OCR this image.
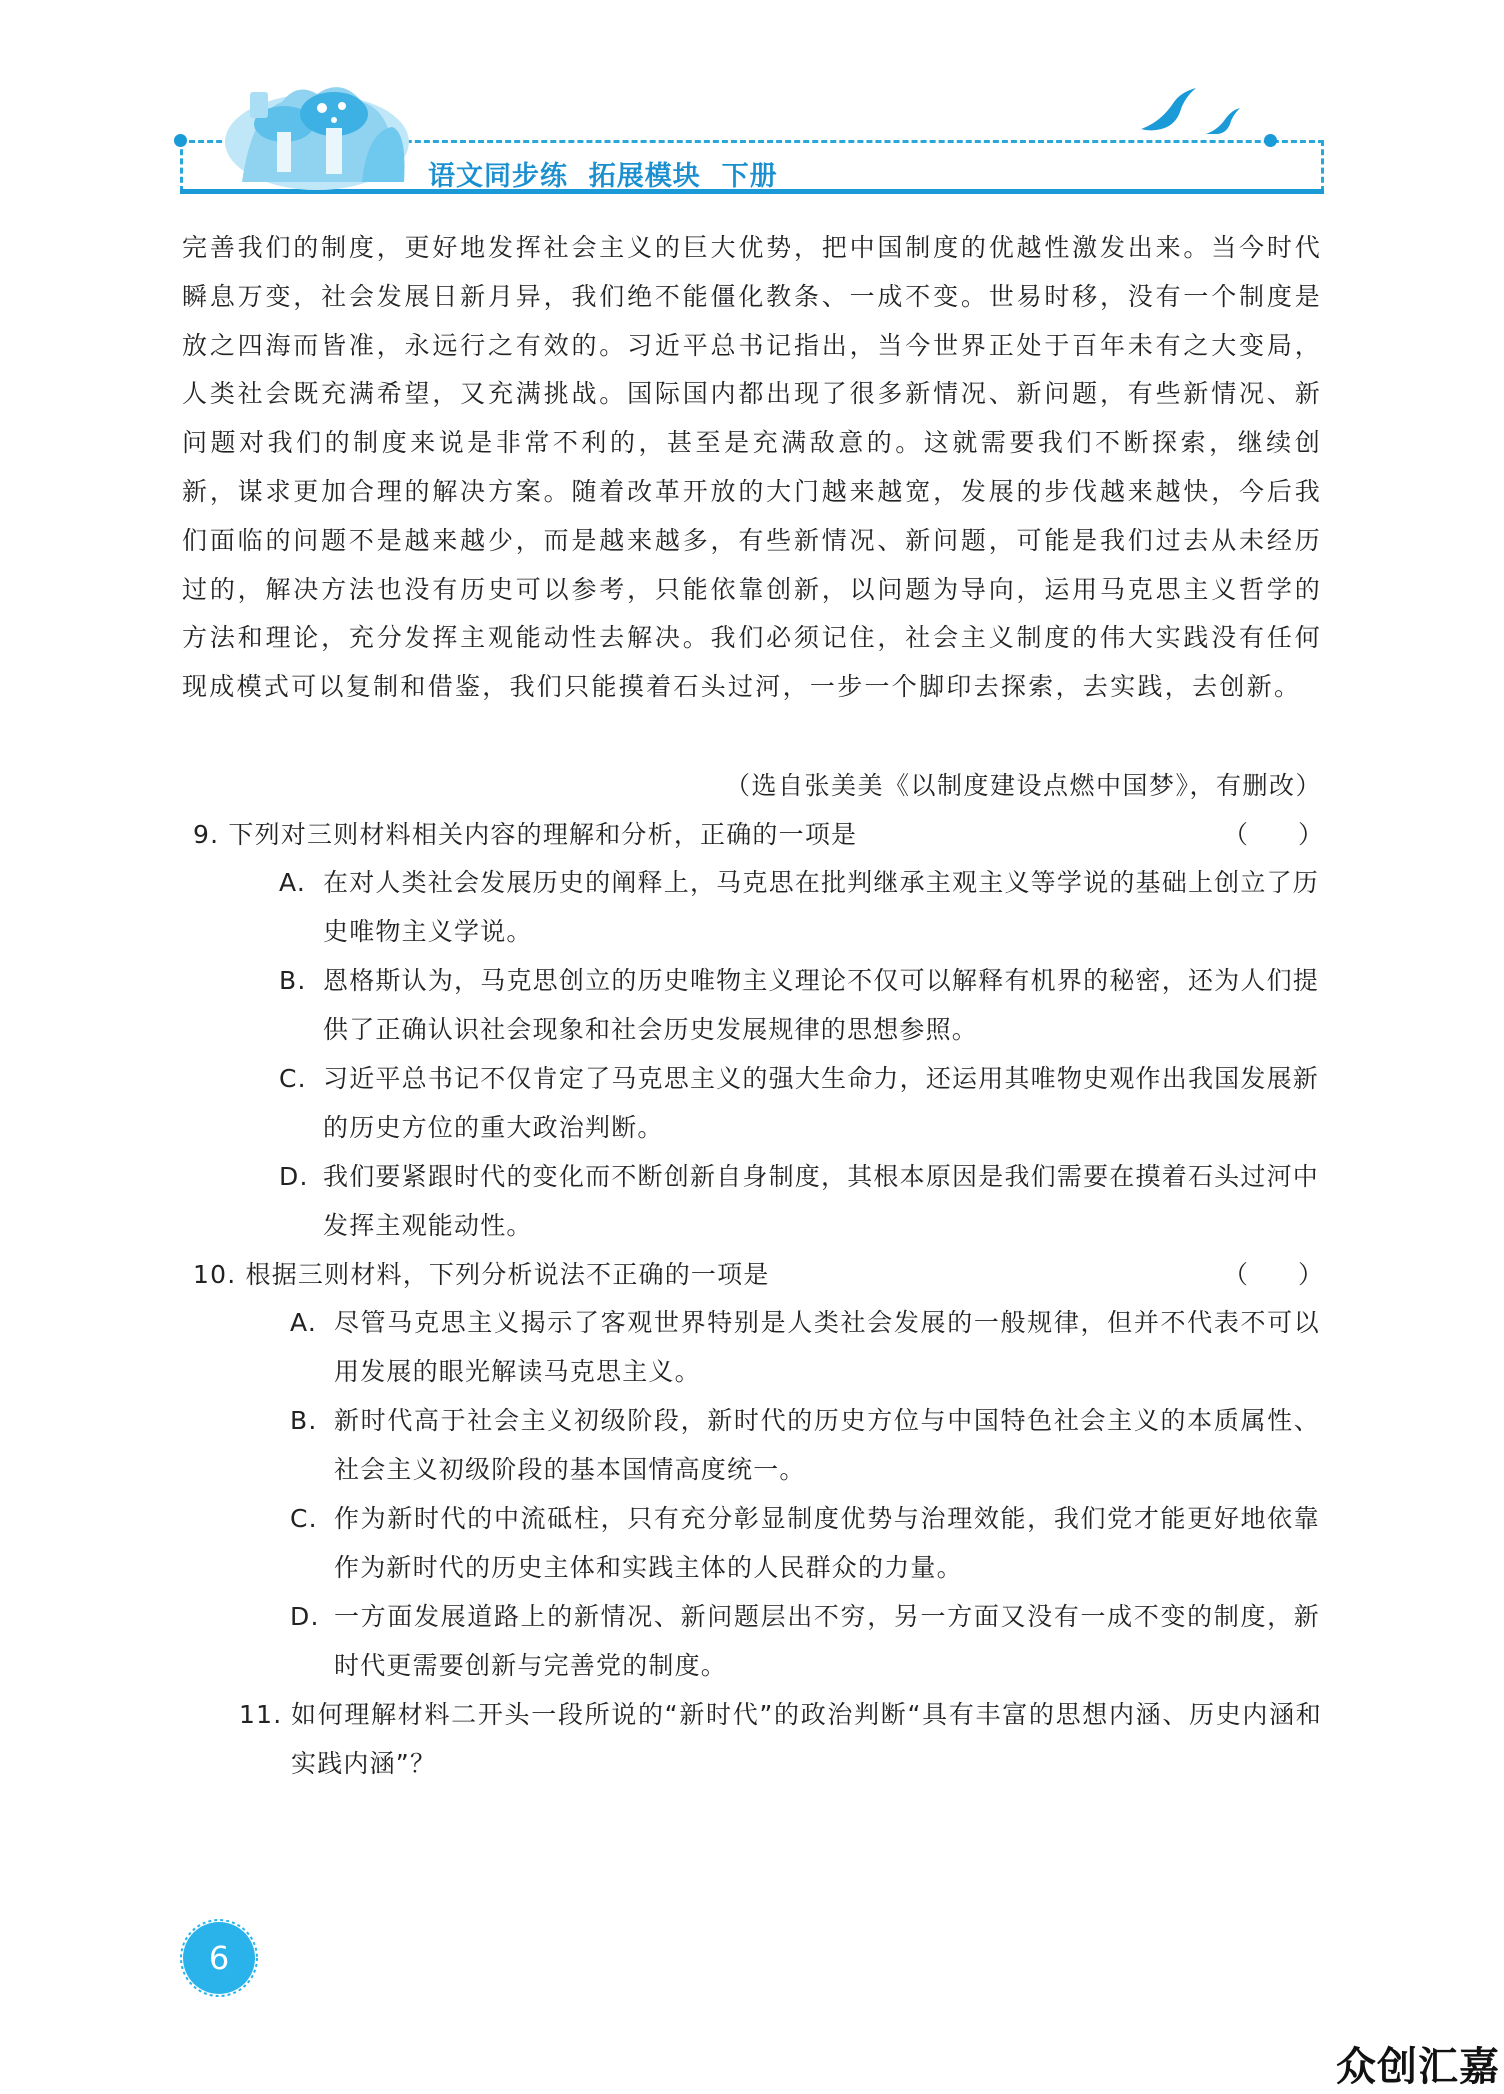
语文同步练  拓展模块  下册

完善我们的制度，更好地发挥社会主义的巨大优势，把中国制度的优越性激发出来。当今时代瞬息万变，社会发展日新月异，我们绝不能僵化教条、一成不变。世易时移，没有一个制度是放之四海而皆准，永远行之有效的。习近平总书记指出，当今世界正处于百年未有之大变局，人类社会既充满希望，又充满挑战。国际国内都出现了很多新情况、新问题，有些新情况、新问题对我们的制度来说是非常不利的，甚至是充满敌意的。这就需要我们不断探索，继续创新，谋求更加合理的解决方案。随着改革开放的大门越来越宽，发展的步伐越来越快，今后我们面临的问题不是越来越少，而是越来越多，有些新情况、新问题，可能是我们过去从未经历过的，解决方法也没有历史可以参考，只能依靠创新，以问题为导向，运用马克思主义哲学的方法和理论，充分发挥主观能动性去解决。我们必须记住，社会主义制度的伟大实践没有任何现成模式可以复制和借鉴，我们只能摸着石头过河，一步一个脚印去探索，去实践，去创新。

（选自张美美《以制度建设点燃中国梦》，有删改）
9. 下列对三则材料相关内容的理解和分析，正确的一项是	（　　）
A. 在对人类社会发展历史的阐释上，马克思在批判继承主观主义等学说的基础上创立了历史唯物主义学说。
B. 恩格斯认为，马克思创立的历史唯物主义理论不仅可以解释有机界的秘密，还为人们提供了正确认识社会现象和社会历史发展规律的思想参照。
C. 习近平总书记不仅肯定了马克思主义的强大生命力，还运用其唯物史观作出我国发展新的历史方位的重大政治判断。
D. 我们要紧跟时代的变化而不断创新自身制度，其根本原因是我们需要在摸着石头过河中发挥主观能动性。
10. 根据三则材料，下列分析说法不正确的一项是	（　　）
A. 尽管马克思主义揭示了客观世界特别是人类社会发展的一般规律，但并不代表不可以用发展的眼光解读马克思主义。
B. 新时代高于社会主义初级阶段，新时代的历史方位与中国特色社会主义的本质属性、社会主义初级阶段的基本国情高度统一。
C. 作为新时代的中流砥柱，只有充分彰显制度优势与治理效能，我们党才能更好地依靠作为新时代的历史主体和实践主体的人民群众的力量。
D. 一方面发展道路上的新情况、新问题层出不穷，另一方面又没有一成不变的制度，新时代更需要创新与完善党的制度。
11. 如何理解材料二开头一段所说的“新时代”的政治判断“具有丰富的思想内涵、历史内涵和实践内涵”？
6
众创汇嘉
